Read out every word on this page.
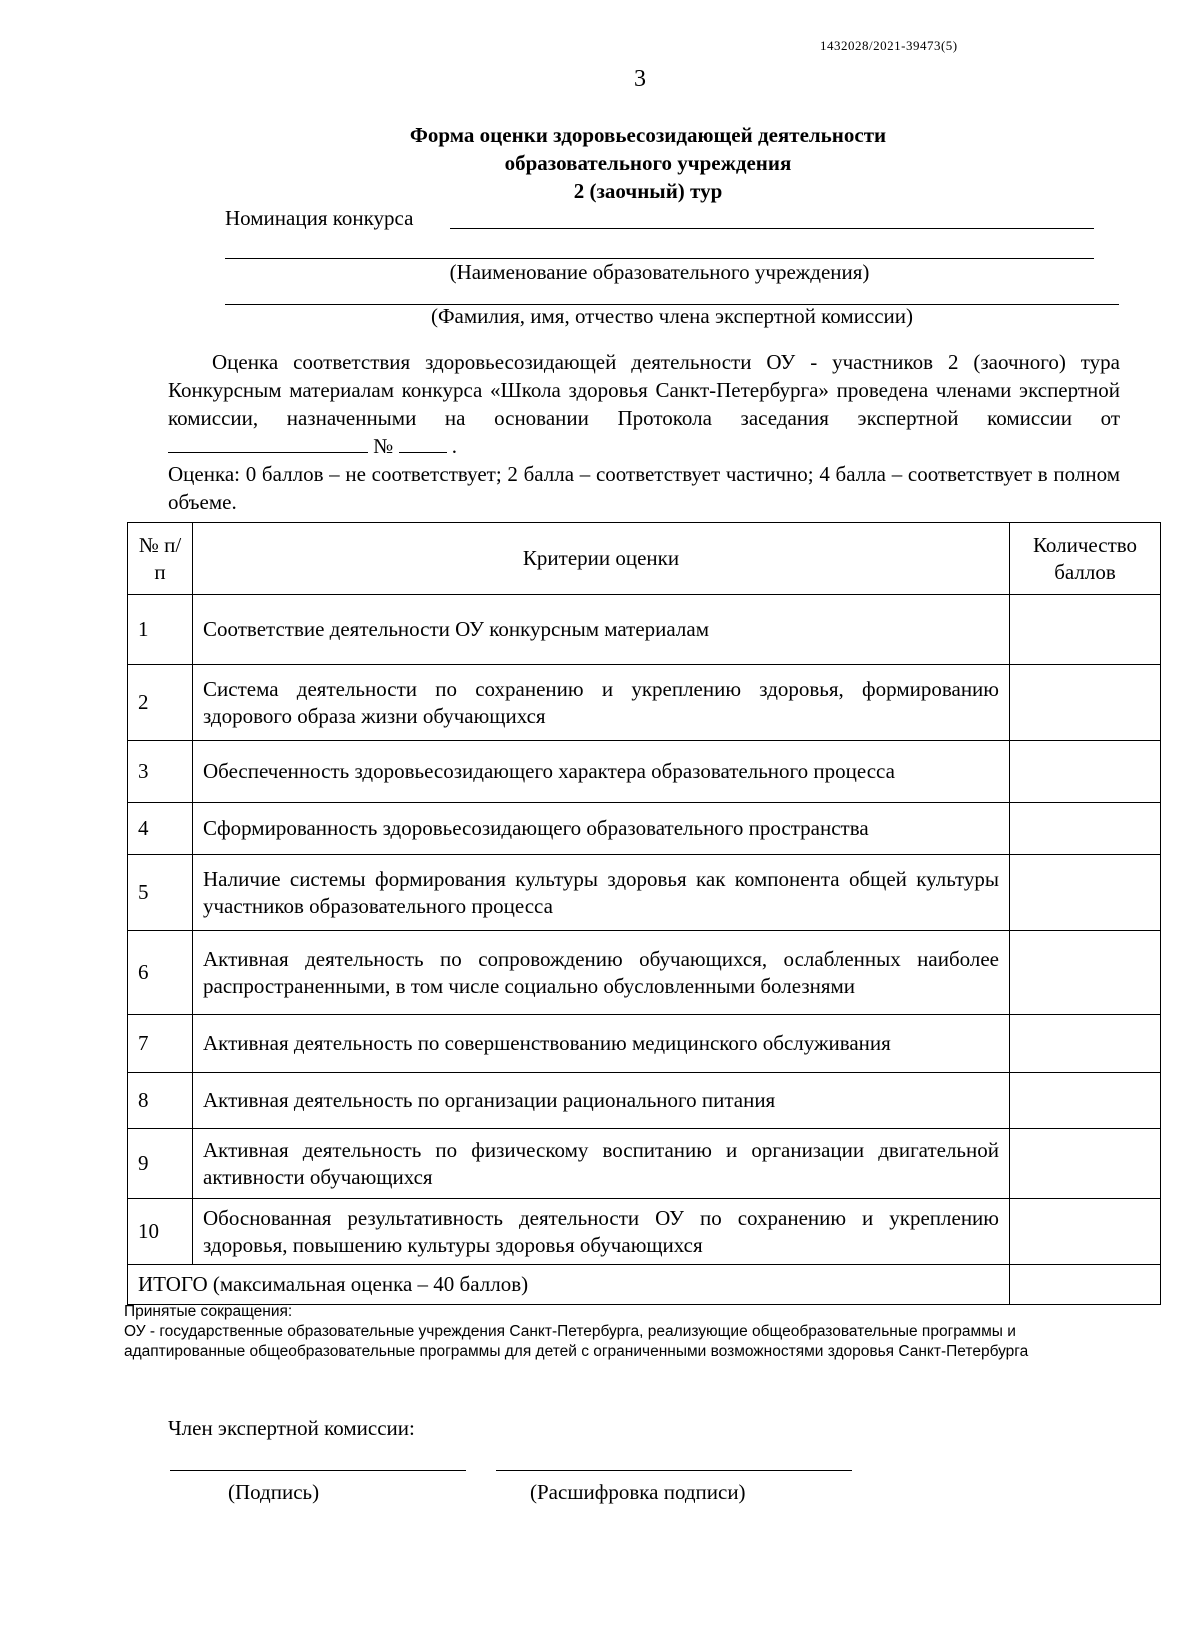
1432028/2021-39473(5)
3
Форма оценки здоровьесозидающей деятельности
образовательного учреждения
2 (заочный) тур
Номинация конкурса
(Наименование образовательного учреждения)
(Фамилия, имя, отчество члена экспертной комиссии)

Оценка соответствия здоровьесозидающей деятельности ОУ - участников 2 (заочного) тура Конкурсным материалам конкурса «Школа здоровья Санкт-Петербурга» проведена членами экспертной комиссии, назначенными на основании Протокола заседания экспертной комиссии от  №	.

Оценка: 0 баллов – не соответствует; 2 балла – соответствует частично; 4 балла – соответствует в полном объеме.

№ п/п	Критерии оценки	Количество баллов
1	Соответствие деятельности ОУ конкурсным материалам	
2	Система деятельности по сохранению и укреплению здоровья, формированию здорового образа жизни обучающихся	
3	Обеспеченность здоровьесозидающего характера образовательного процесса	
4	Сформированность здоровьесозидающего образовательного пространства	
5	Наличие системы формирования культуры здоровья как компонента общей культуры участников образовательного процесса	
6	Активная деятельность по сопровождению обучающихся, ослабленных наиболее распространенными, в том числе социально обусловленными болезнями	
7	Активная деятельность по совершенствованию медицинского обслуживания	
8	Активная деятельность по организации рационального питания	
9	Активная деятельность по физическому воспитанию и организации двигательной активности обучающихся	
10	Обоснованная результативность деятельности ОУ по сохранению и укреплению здоровья, повышению культуры здоровья обучающихся	
ИТОГО (максимальная оценка – 40 баллов)		

Принятые сокращения:

ОУ - государственные образовательные учреждения Санкт-Петербурга, реализующие общеобразовательные программы и адаптированные общеобразовательные программы для детей с ограниченными возможностями здоровья Санкт-Петербурга

Член экспертной комиссии:
(Подпись)	(Расшифровка подписи)
